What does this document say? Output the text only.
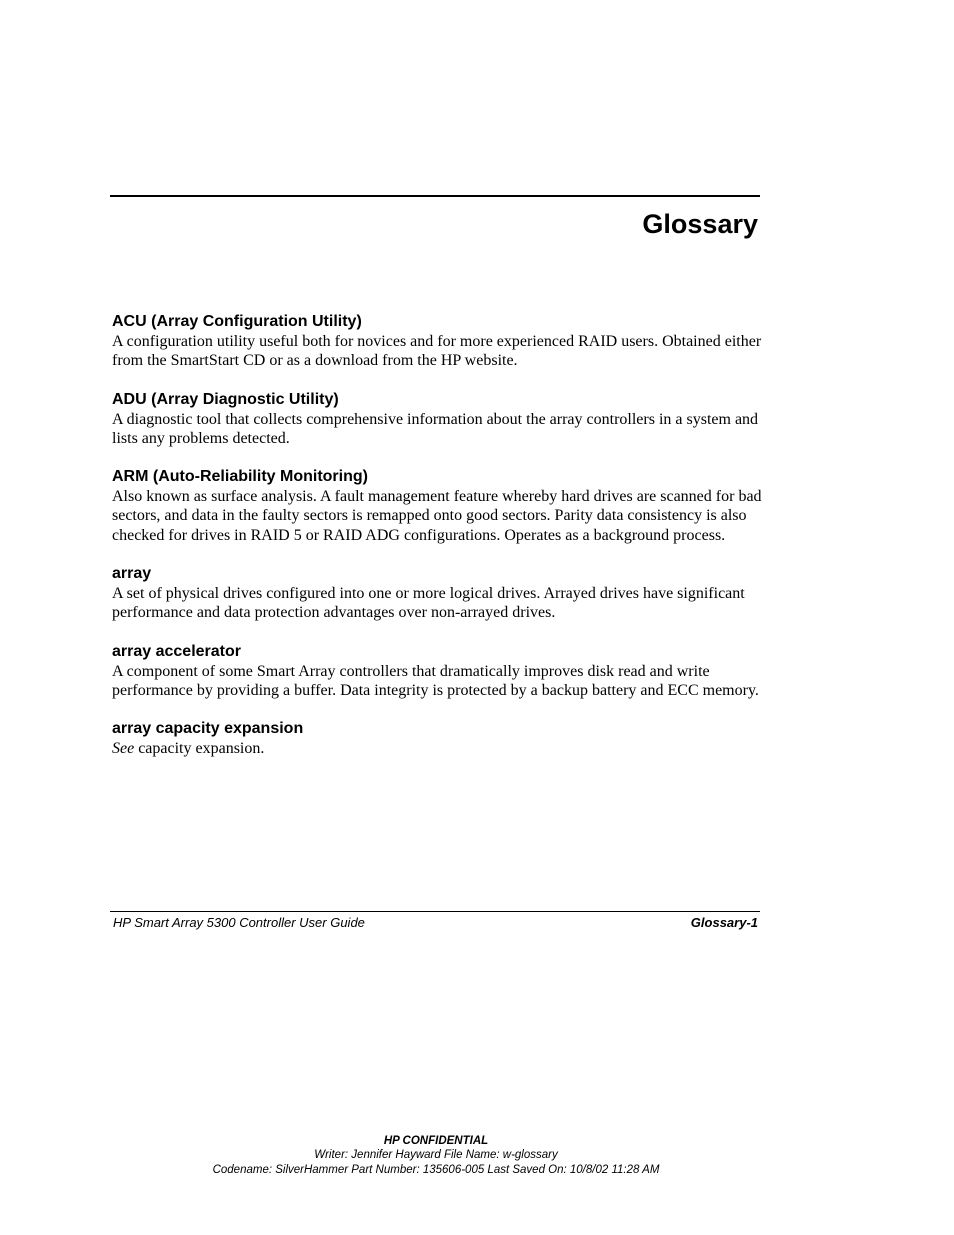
Glossary
ACU (Array Configuration Utility)
A configuration utility useful both for novices and for more experienced RAID users. Obtained either from the SmartStart CD or as a download from the HP website.
ADU (Array Diagnostic Utility)
A diagnostic tool that collects comprehensive information about the array controllers in a system and lists any problems detected.
ARM (Auto-Reliability Monitoring)
Also known as surface analysis. A fault management feature whereby hard drives are scanned for bad sectors, and data in the faulty sectors is remapped onto good sectors. Parity data consistency is also checked for drives in RAID 5 or RAID ADG configurations. Operates as a background process.
array
A set of physical drives configured into one or more logical drives. Arrayed drives have significant performance and data protection advantages over non-arrayed drives.
array accelerator
A component of some Smart Array controllers that dramatically improves disk read and write performance by providing a buffer. Data integrity is protected by a backup battery and ECC memory.
array capacity expansion
See capacity expansion.
HP Smart Array 5300 Controller User Guide	Glossary-1
HP CONFIDENTIAL
Writer: Jennifer Hayward File Name: w-glossary
Codename: SilverHammer Part Number: 135606-005 Last Saved On: 10/8/02 11:28 AM
